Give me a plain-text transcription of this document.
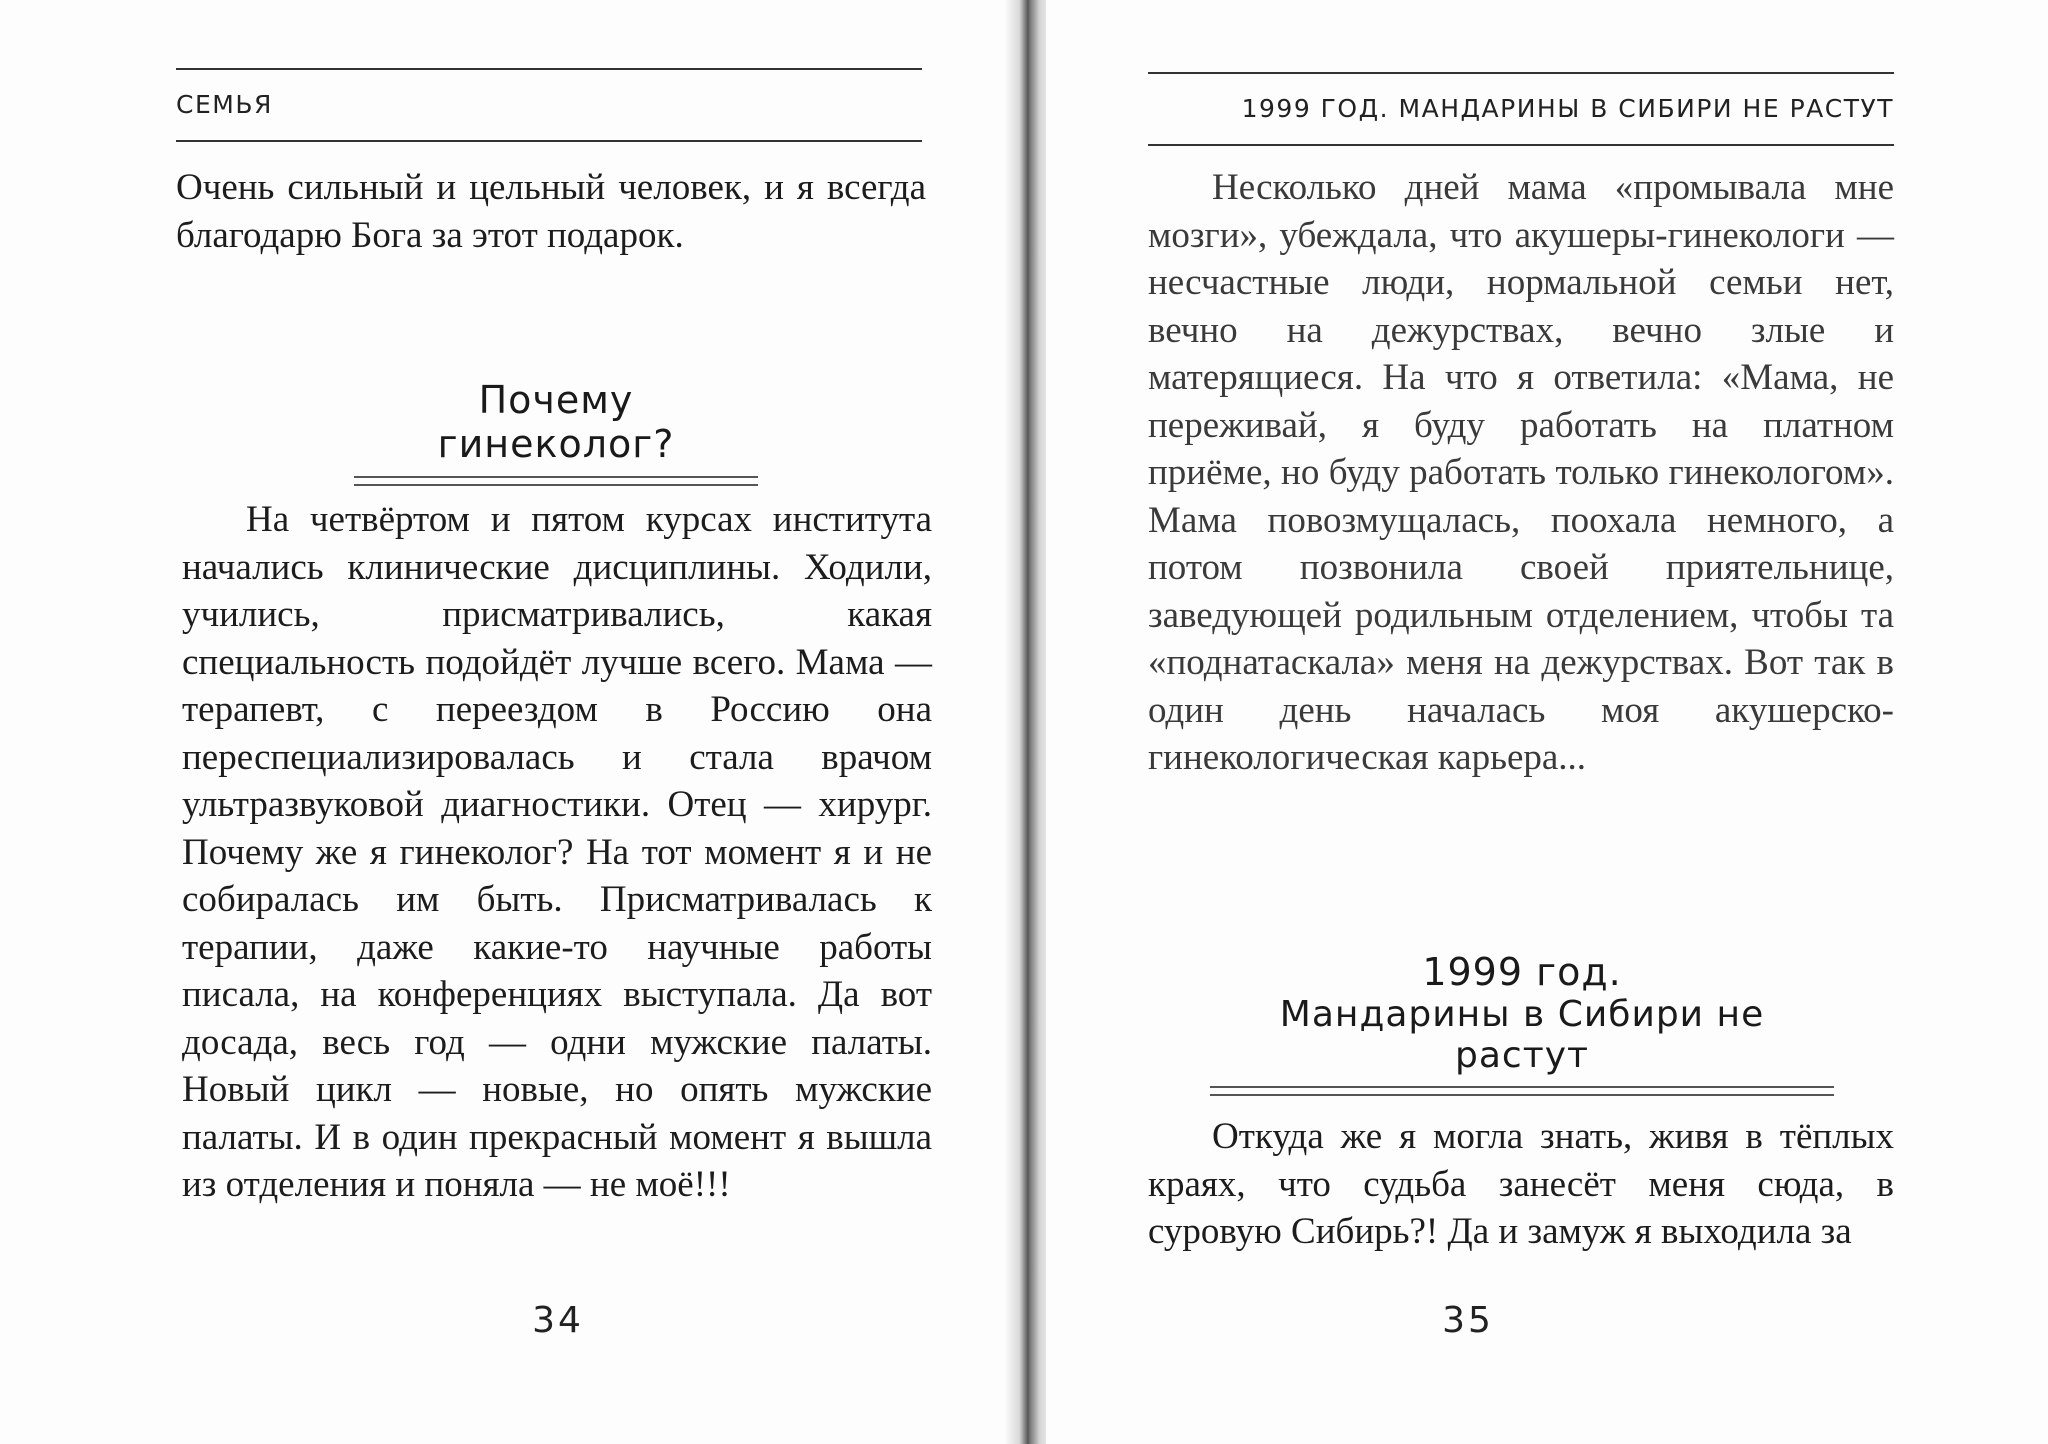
СЕМЬЯ

Очень сильный и цельный человек, и я всегда благодарю Бога за этот подарок.

Почему гинеколог?

На четвёртом и пятом курсах института начались клинические дисциплины. Ходили, учились, присматривались, какая специальность подойдёт лучше всего. Мама — терапевт, с переездом в Россию она переспециализировалась и стала врачом ультразвуковой диагностики. Отец — хирург. Почему же я гинеколог? На тот момент я и не собиралась им быть. Присматривалась к терапии, даже какие-то научные работы писала, на конференциях выступала. Да вот досада, весь год — одни мужские палаты. Новый цикл — новые, но опять мужские палаты. И в один прекрасный момент я вышла из отделения и поняла — не моё!!!

34
1999 ГОД. МАНДАРИНЫ В СИБИРИ НЕ РАСТУТ

Несколько дней мама «промывала мне мозги», убеждала, что акушеры-гинекологи — несчастные люди, нормальной семьи нет, вечно на дежурствах, вечно злые и матерящиеся. На что я ответила: «Мама, не переживай, я буду работать на платном приёме, но буду работать только гинекологом». Мама повозмущалась, поохала немного, а потом позвонила своей приятельнице, заведующей родильным отделением, чтобы та «поднатаскала» меня на дежурствах. Вот так в один день началась моя акушерско-гинекологическая карьера...

1999 год.
Мандарины в Сибири не растут

Откуда же я могла знать, живя в тёплых краях, что судьба занесёт меня сюда, в суровую Сибирь?! Да и замуж я выходила за

35
